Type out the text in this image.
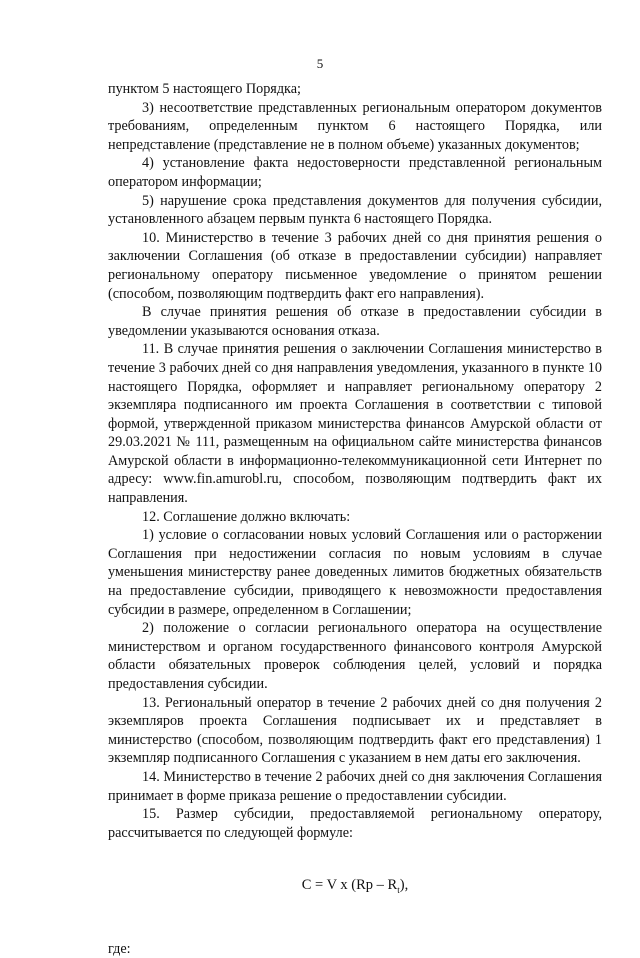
5

пунктом 5 настоящего Порядка;

3) несоответствие представленных региональным оператором документов требованиям, определенным пунктом 6 настоящего Порядка, или непредставление (представление не в полном объеме) указанных документов;

4) установление факта недостоверности представленной региональным оператором информации;

5) нарушение срока представления документов для получения субсидии, установленного абзацем первым пункта 6 настоящего Порядка.

10. Министерство в течение 3 рабочих дней со дня принятия решения о заключении Соглашения (об отказе в предоставлении субсидии) направляет региональному оператору письменное уведомление о принятом решении (способом, позволяющим подтвердить факт его направления).

В случае принятия решения об отказе в предоставлении субсидии в уведомлении указываются основания отказа.

11. В случае принятия решения о заключении Соглашения министерство в течение 3 рабочих дней со дня направления уведомления, указанного в пункте 10 настоящего Порядка, оформляет и направляет региональному оператору 2 экземпляра подписанного им проекта Соглашения в соответствии с типовой формой, утвержденной приказом министерства финансов Амурской области от 29.03.2021 № 111, размещенным на официальном сайте министерства финансов Амурской области в информационно-телекоммуникационной сети Интернет по адресу: www.fin.amurobl.ru, способом, позволяющим подтвердить факт их направления.

12. Соглашение должно включать:

1) условие о согласовании новых условий Соглашения или о расторжении Соглашения при недостижении согласия по новым условиям в случае уменьшения министерству ранее доведенных лимитов бюджетных обязательств на предоставление субсидии, приводящего к невозможности предоставления субсидии в размере, определенном в Соглашении;

2) положение о согласии регионального оператора на осуществление министерством и органом государственного финансового контроля Амурской области обязательных проверок соблюдения целей, условий и порядка предоставления субсидии.

13. Региональный оператор в течение 2 рабочих дней со дня получения 2 экземпляров проекта Соглашения подписывает их и представляет в министерство (способом, позволяющим подтвердить факт его представления) 1 экземпляр подписанного Соглашения с указанием в нем даты его заключения.

14. Министерство в течение 2 рабочих дней со дня заключения Соглашения принимает в форме приказа решение о предоставлении субсидии.

15. Размер субсидии, предоставляемой региональному оператору, рассчитывается по следующей формуле:

C = V x $(Rp - R_t)$,

где:
